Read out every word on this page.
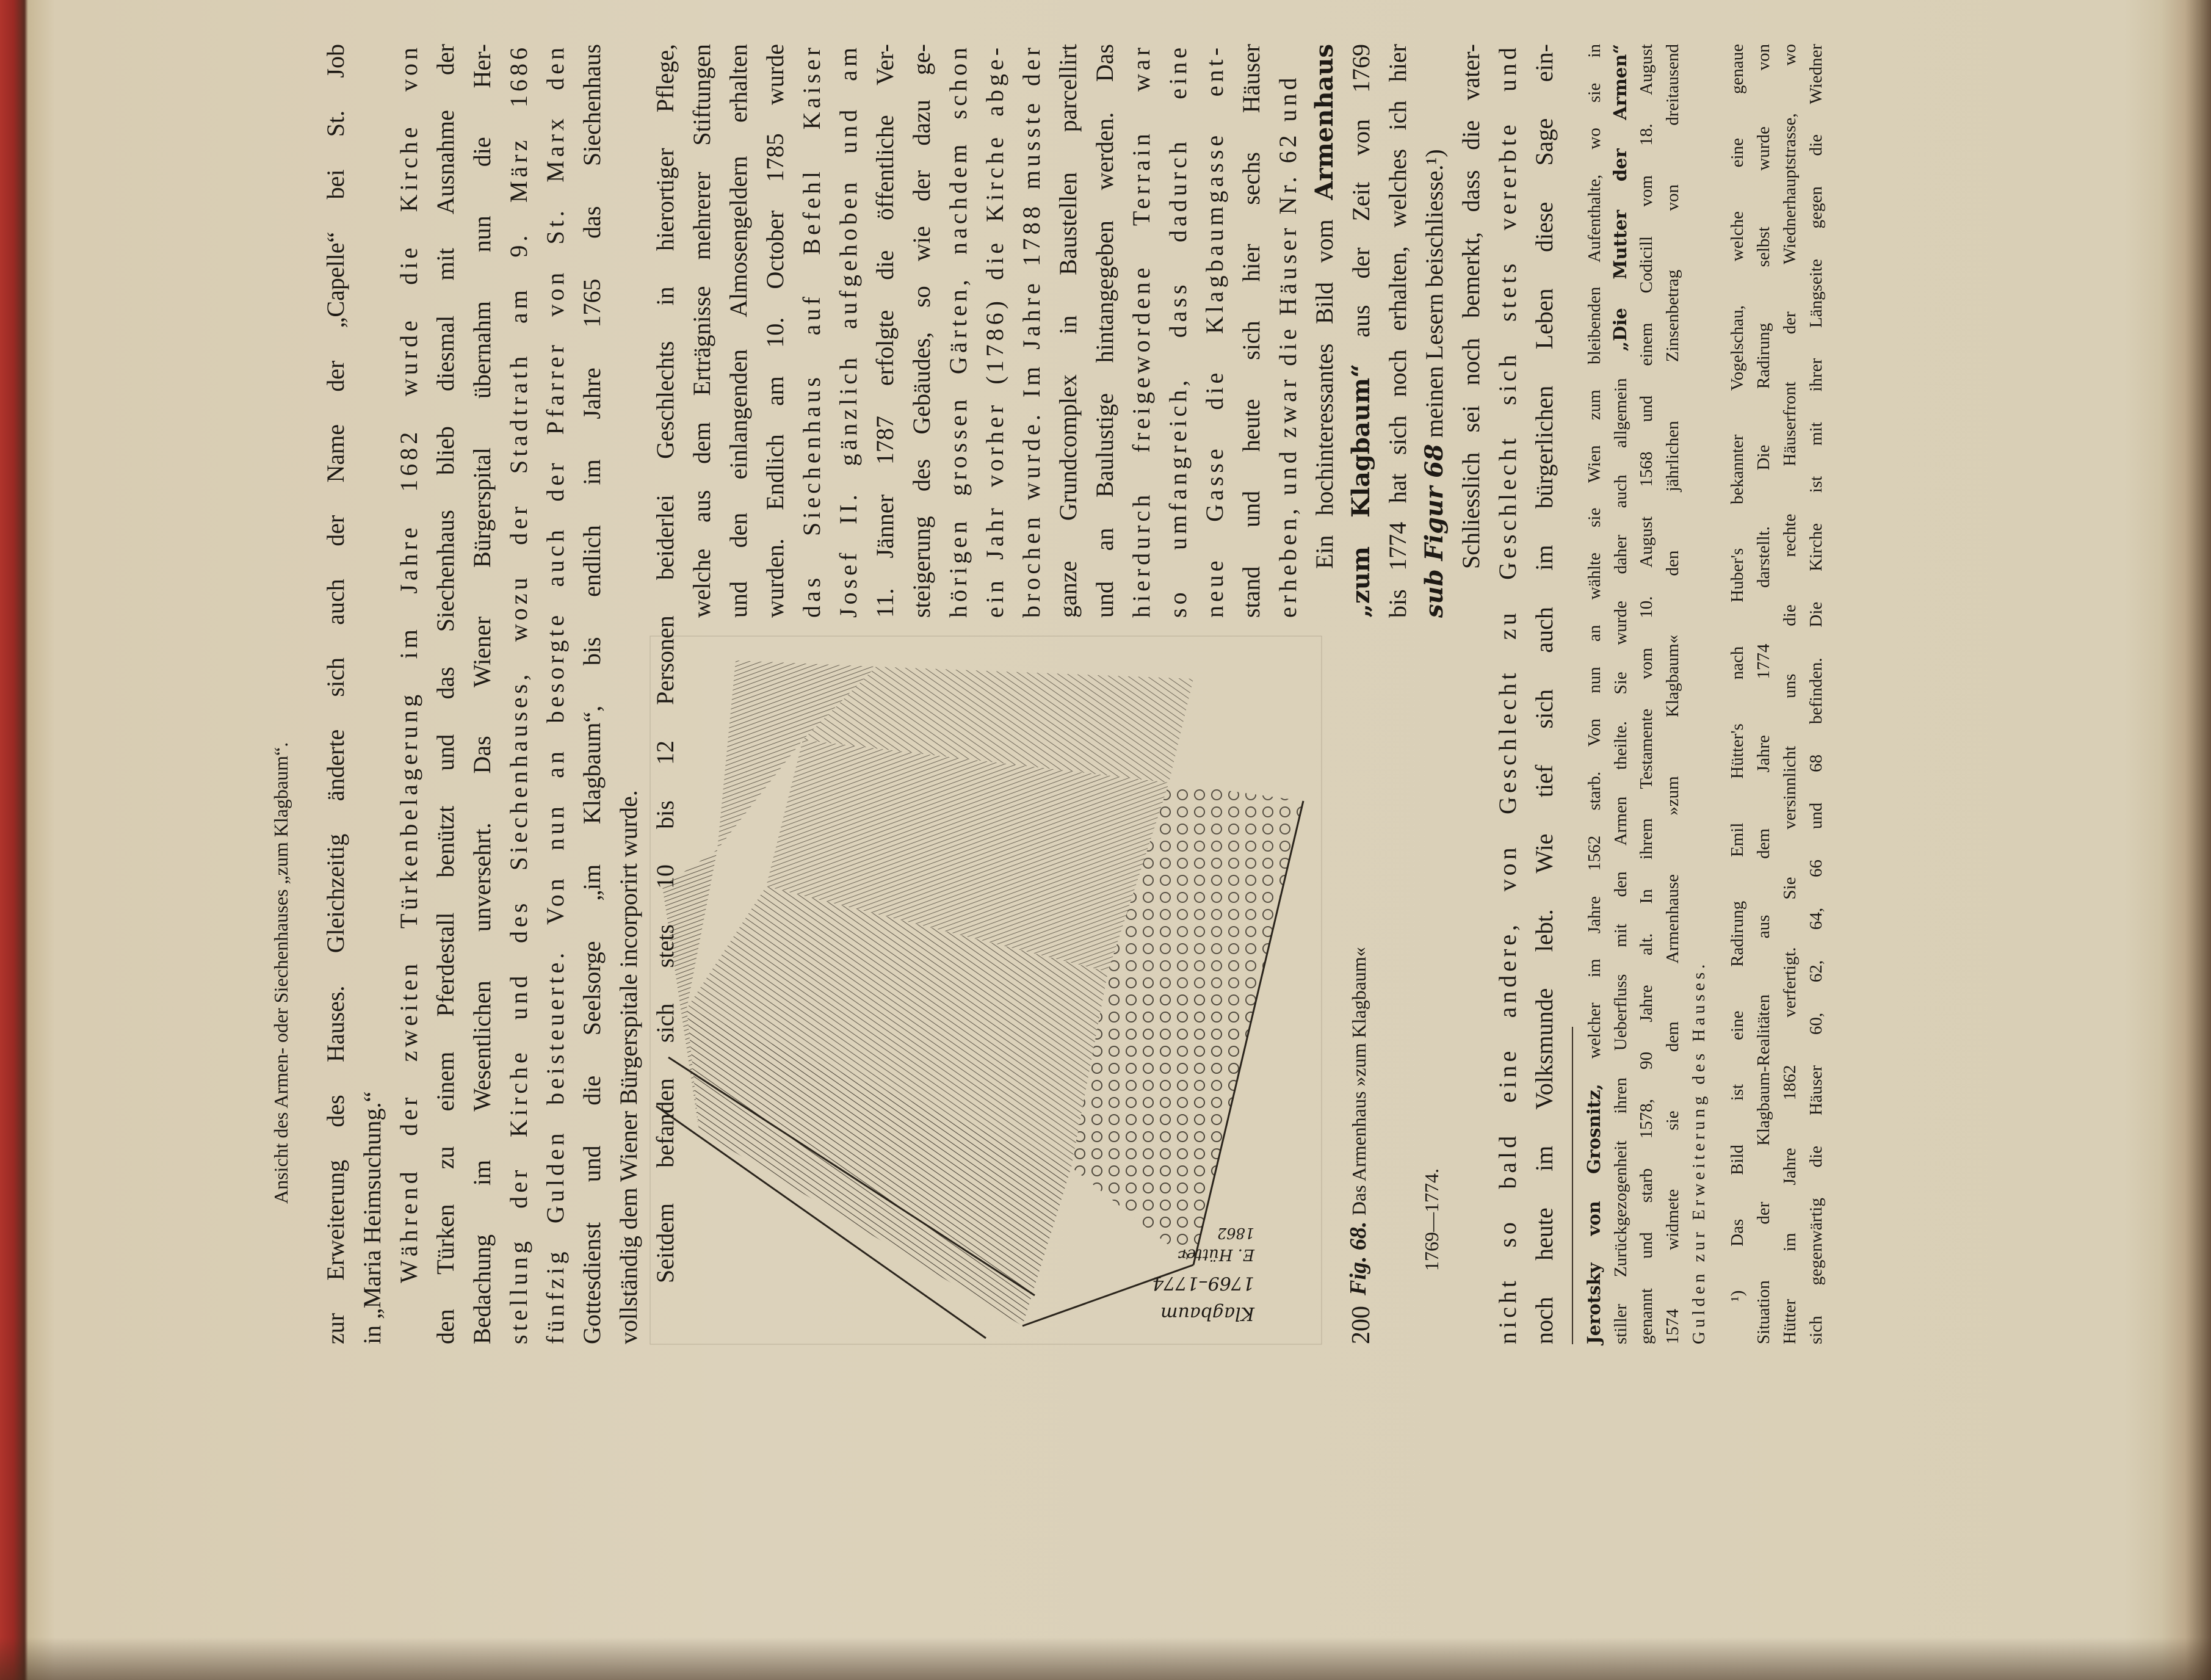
200
Ansicht des Armen- oder Siechenhauses „zum Klagbaum“.	zur Erweiterung des Hauses. Gleichzeitig änderte sich auch der Name der „Capelle“ bei St. Job in „Maria Heimsuchung.“ Während der zweiten Türkenbelagerung im Jahre 1682 wurde die Kirche von den Türken zu einem Pferdestall benützt und das Siechenhaus blieb diesmal mit Ausnahme der Bedachung im Wesentlichen unversehrt. Das Wiener Bürgerspital übernahm nun die Her- stellung der Kirche und des Siechenhauses, wozu der Stadtrath am 9. März 1686 fünfzig Gulden beisteuerte. Von nun an besorgte auch der Pfarrer von St. Marx den Gottesdienst und die Seelsorge „im Klagbaum“, bis endlich im Jahre 1765 das Siechenhaus vollständig dem Wiener Bürgerspitale incorporirt wurde. Seitdem befanden sich stets 10 bis 12 Personen beiderlei Geschlechts in hierortiger Pflege, welche aus dem Erträgnisse mehrerer Stiftungen und den einlangenden Almosengeldern erhalten wurden. Endlich am 10. October 1785 wurde das Siechenhaus auf Befehl Kaiser Josef II. gänzlich aufgehoben und am 11. Jänner 1787 erfolgte die öffentliche Ver- steigerung des Gebäudes, so wie der dazu ge- hörigen grossen Gärten, nachdem schon ein Jahr vorher (1786) die Kirche abge- brochen wurde. Im Jahre 1788 musste der ganze Grundcomplex in Baustellen parcellirt und an Baulustige hintangegeben werden. Das hierdurch freigewordene Terrain war so umfangreich, dass dadurch eine neue Gasse die Klagbaumgasse ent- stand und heute sich hier sechs Häuser erheben, und zwar die Häuser Nr. 62 und Ein hochinteressantes Bild vom Armenhaus
„zum Klagbaum“ aus der Zeit von 1769 bis 1774 hat sich noch erhalten, welches ich hier sub Figur 68 meinen Lesern beischliesse.¹) Schliesslich sei noch bemerkt, dass die vater-
Klagbaum
1769–1774
E. Hütter
1862	Fig. 68. Das Armenhaus »zum Klagbaum«
1769—1774. nicht so bald eine andere, von Geschlecht zu Geschlecht sich stets vererbte und noch heute im Volksmunde lebt. Wie tief sich auch im bürgerlichen Leben diese Sage ein- Jerotsky von Grosnitz, welcher im Jahre 1562 starb. Von nun an wählte sie Wien zum bleibenden Aufenthalte, wo sie in stiller Zurückgezogenheit ihren Ueberfluss mit den Armen theilte. Sie wurde daher auch allgemein „Die Mutter der Armen“ genannt und starb 1578, 90 Jahre alt. In ihrem Testamente vom 10. August 1568 und einem Codicill vom 18. August 1574 widmete sie dem Armenhause »zum Klagbaum« den jährlichen Zinsenbetrag von dreitausend Gulden zur Erweiterung des Hauses. ¹) Das Bild ist eine Radirung Emil Hütter's nach Huber's bekannter Vogelschau, welche eine genaue Situation der Klagbaum-Realitäten aus dem Jahre 1774 darstellt. Die Radirung selbst wurde von Hütter im Jahre 1862 verfertigt. Sie versinnlicht uns die rechte Häuserfront der Wiednerhauptstrasse, wo sich gegenwärtig die Häuser 60, 62, 64, 66 und 68 befinden. Die Kirche ist mit ihrer Längseite gegen die Wiedner
